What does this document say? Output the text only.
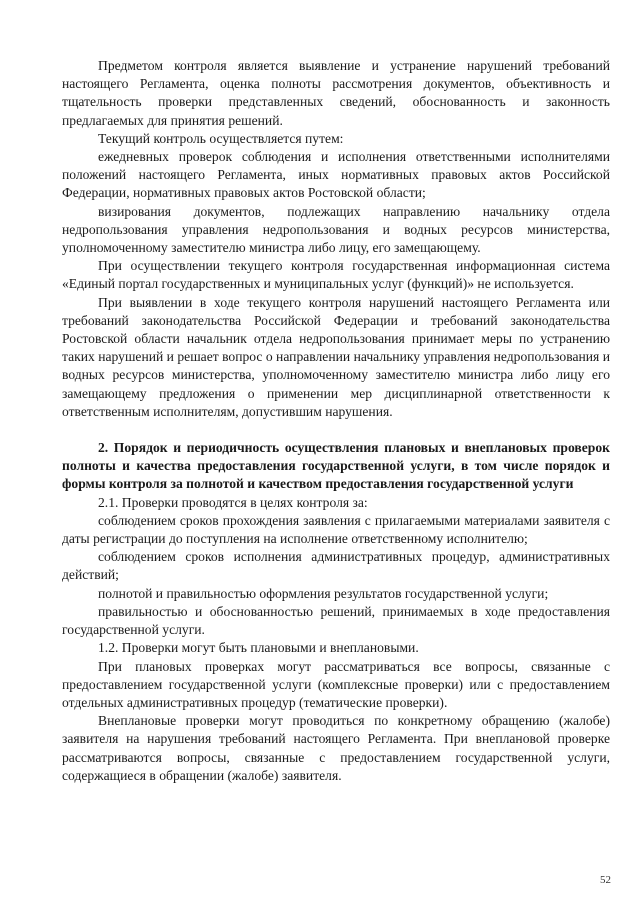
Предметом контроля является выявление и устранение нарушений требований настоящего Регламента, оценка полноты рассмотрения документов, объективность и тщательность проверки представленных сведений, обоснованность и законность предлагаемых для принятия решений.

Текущий контроль осуществляется путем:

ежедневных проверок соблюдения и исполнения ответственными исполнителями положений настоящего Регламента, иных нормативных правовых актов Российской Федерации, нормативных правовых актов Ростовской области;

визирования документов, подлежащих направлению начальнику отдела недропользования управления недропользования и водных ресурсов министерства, уполномоченному заместителю министра либо лицу, его замещающему.

При осуществлении текущего контроля государственная информационная система «Единый портал государственных и муниципальных услуг (функций)» не используется.

При выявлении в ходе текущего контроля нарушений настоящего Регламента или требований законодательства Российской Федерации и требований законодательства Ростовской области начальник отдела недропользования принимает меры по устранению таких нарушений и решает вопрос о направлении начальнику управления недропользования и водных ресурсов министерства, уполномоченному заместителю министра либо лицу его замещающему предложения о применении мер дисциплинарной ответственности к ответственным исполнителям, допустившим нарушения.

2. Порядок и периодичность осуществления плановых и внеплановых проверок полноты и качества предоставления государственной услуги, в том числе порядок и формы контроля за полнотой и качеством предоставления государственной услуги

2.1. Проверки проводятся в целях контроля за:

соблюдением сроков прохождения заявления с прилагаемыми материалами заявителя с даты регистрации до поступления на исполнение ответственному исполнителю;

соблюдением сроков исполнения административных процедур, административных действий;

полнотой и правильностью оформления результатов государственной услуги;

правильностью и обоснованностью решений, принимаемых в ходе предоставления государственной услуги.

1.2. Проверки могут быть плановыми и внеплановыми.

При плановых проверках могут рассматриваться все вопросы, связанные с предоставлением государственной услуги (комплексные проверки) или с предоставлением отдельных административных процедур (тематические проверки).

Внеплановые проверки могут проводиться по конкретному обращению (жалобе) заявителя на нарушения требований настоящего Регламента. При внеплановой проверке рассматриваются вопросы, связанные с предоставлением государственной услуги, содержащиеся в обращении (жалобе) заявителя.

52
